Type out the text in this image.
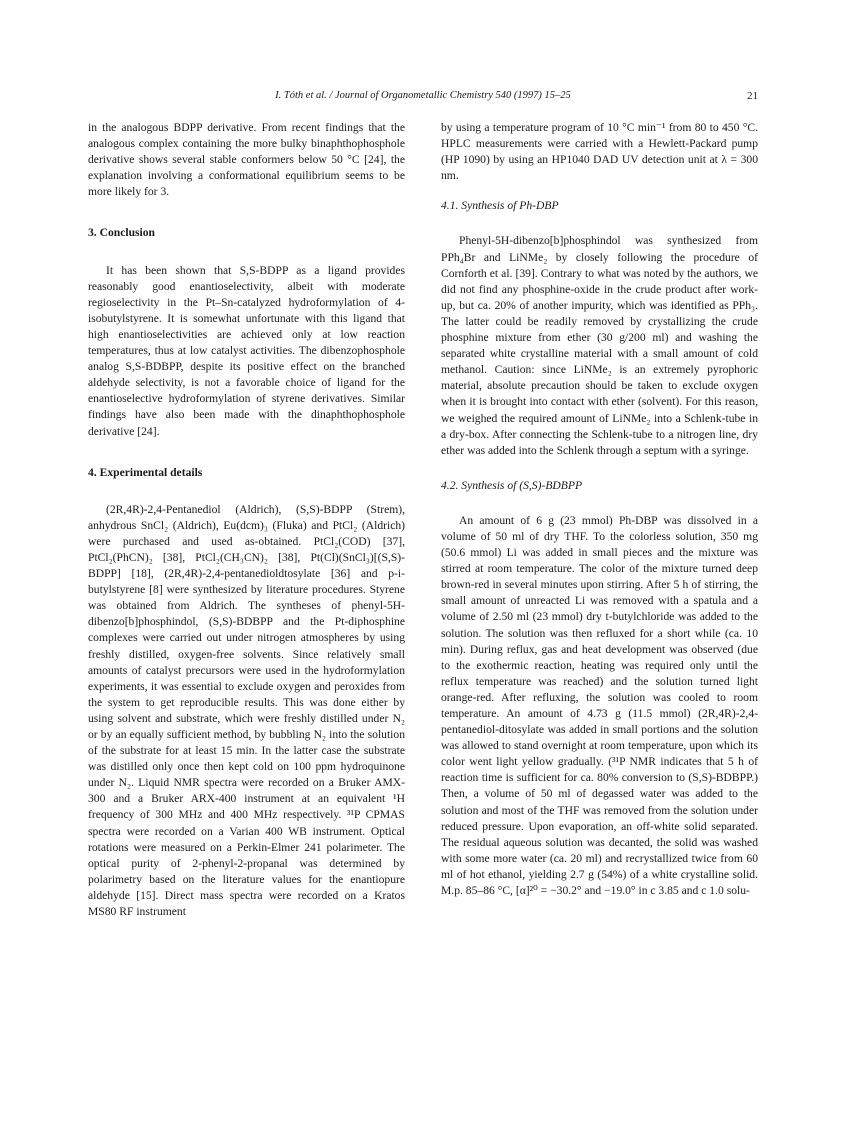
I. Tóth et al. / Journal of Organometallic Chemistry 540 (1997) 15–25	21

in the analogous BDPP derivative. From recent findings that the analogous complex containing the more bulky binaphthophosphole derivative shows several stable conformers below 50 °C [24], the explanation involving a conformational equilibrium seems to be more likely for 3.

3. Conclusion

It has been shown that S,S-BDPP as a ligand provides reasonably good enantioselectivity, albeit with moderate regioselectivity in the Pt–Sn-catalyzed hydroformylation of 4-isobutylstyrene. It is somewhat unfortunate with this ligand that high enantioselectivities are achieved only at low reaction temperatures, thus at low catalyst activities. The dibenzophosphole analog S,S-BDBPP, despite its positive effect on the branched aldehyde selectivity, is not a favorable choice of ligand for the enantioselective hydroformylation of styrene derivatives. Similar findings have also been made with the dinaphthophosphole derivative [24].

4. Experimental details

(2R,4R)-2,4-Pentanediol (Aldrich), (S,S)-BDPP (Strem), anhydrous SnCl₂ (Aldrich), Eu(dcm)₃ (Fluka) and PtCl₂ (Aldrich) were purchased and used as-obtained. PtCl₂(COD) [37], PtCl₂(PhCN)₂ [38], PtCl₂(CH₃CN)₂ [38], Pt(Cl)(SnCl₃)[(S,S)-BDPP] [18], (2R,4R)-2,4-pentanedioldtosylate [36] and p-i-butylstyrene [8] were synthesized by literature procedures. Styrene was obtained from Aldrich. The syntheses of phenyl-5H-dibenzo[b]phosphindol, (S,S)-BDBPP and the Pt-diphosphine complexes were carried out under nitrogen atmospheres by using freshly distilled, oxygen-free solvents. Since relatively small amounts of catalyst precursors were used in the hydroformylation experiments, it was essential to exclude oxygen and peroxides from the system to get reproducible results. This was done either by using solvent and substrate, which were freshly distilled under N₂ or by an equally sufficient method, by bubbling N₂ into the solution of the substrate for at least 15 min. In the latter case the substrate was distilled only once then kept cold on 100 ppm hydroquinone under N₂. Liquid NMR spectra were recorded on a Bruker AMX-300 and a Bruker ARX-400 instrument at an equivalent ¹H frequency of 300 MHz and 400 MHz respectively. ³¹P CPMAS spectra were recorded on a Varian 400 WB instrument. Optical rotations were measured on a Perkin-Elmer 241 polarimeter. The optical purity of 2-phenyl-2-propanal was determined by polarimetry based on the literature values for the enantiopure aldehyde [15]. Direct mass spectra were recorded on a Kratos MS80 RF instrument

by using a temperature program of 10 °C min⁻¹ from 80 to 450 °C. HPLC measurements were carried with a Hewlett-Packard pump (HP 1090) by using an HP1040 DAD UV detection unit at λ = 300 nm.

4.1. Synthesis of Ph-DBP

Phenyl-5H-dibenzo[b]phosphindol was synthesized from PPh₄Br and LiNMe₂ by closely following the procedure of Cornforth et al. [39]. Contrary to what was noted by the authors, we did not find any phosphine-oxide in the crude product after work-up, but ca. 20% of another impurity, which was identified as PPh₃. The latter could be readily removed by crystallizing the crude phosphine mixture from ether (30 g/200 ml) and washing the separated white crystalline material with a small amount of cold methanol. Caution: since LiNMe₂ is an extremely pyrophoric material, absolute precaution should be taken to exclude oxygen when it is brought into contact with ether (solvent). For this reason, we weighed the required amount of LiNMe₂ into a Schlenk-tube in a dry-box. After connecting the Schlenk-tube to a nitrogen line, dry ether was added into the Schlenk through a septum with a syringe.

4.2. Synthesis of (S,S)-BDBPP

An amount of 6 g (23 mmol) Ph-DBP was dissolved in a volume of 50 ml of dry THF. To the colorless solution, 350 mg (50.6 mmol) Li was added in small pieces and the mixture was stirred at room temperature. The color of the mixture turned deep brown-red in several minutes upon stirring. After 5 h of stirring, the small amount of unreacted Li was removed with a spatula and a volume of 2.50 ml (23 mmol) dry t-butylchloride was added to the solution. The solution was then refluxed for a short while (ca. 10 min). During reflux, gas and heat development was observed (due to the exothermic reaction, heating was required only until the reflux temperature was reached) and the solution turned light orange-red. After refluxing, the solution was cooled to room temperature. An amount of 4.73 g (11.5 mmol) (2R,4R)-2,4-pentanediol-ditosylate was added in small portions and the solution was allowed to stand overnight at room temperature, upon which its color went light yellow gradually. (³¹P NMR indicates that 5 h of reaction time is sufficient for ca. 80% conversion to (S,S)-BDBPP.) Then, a volume of 50 ml of degassed water was added to the solution and most of the THF was removed from the solution under reduced pressure. Upon evaporation, an off-white solid separated. The residual aqueous solution was decanted, the solid was washed with some more water (ca. 20 ml) and recrystallized twice from 60 ml of hot ethanol, yielding 2.7 g (54%) of a white crystalline solid. M.p. 85–86 °C, [α]²⁰ = −30.2° and −19.0° in c 3.85 and c 1.0 solu-
